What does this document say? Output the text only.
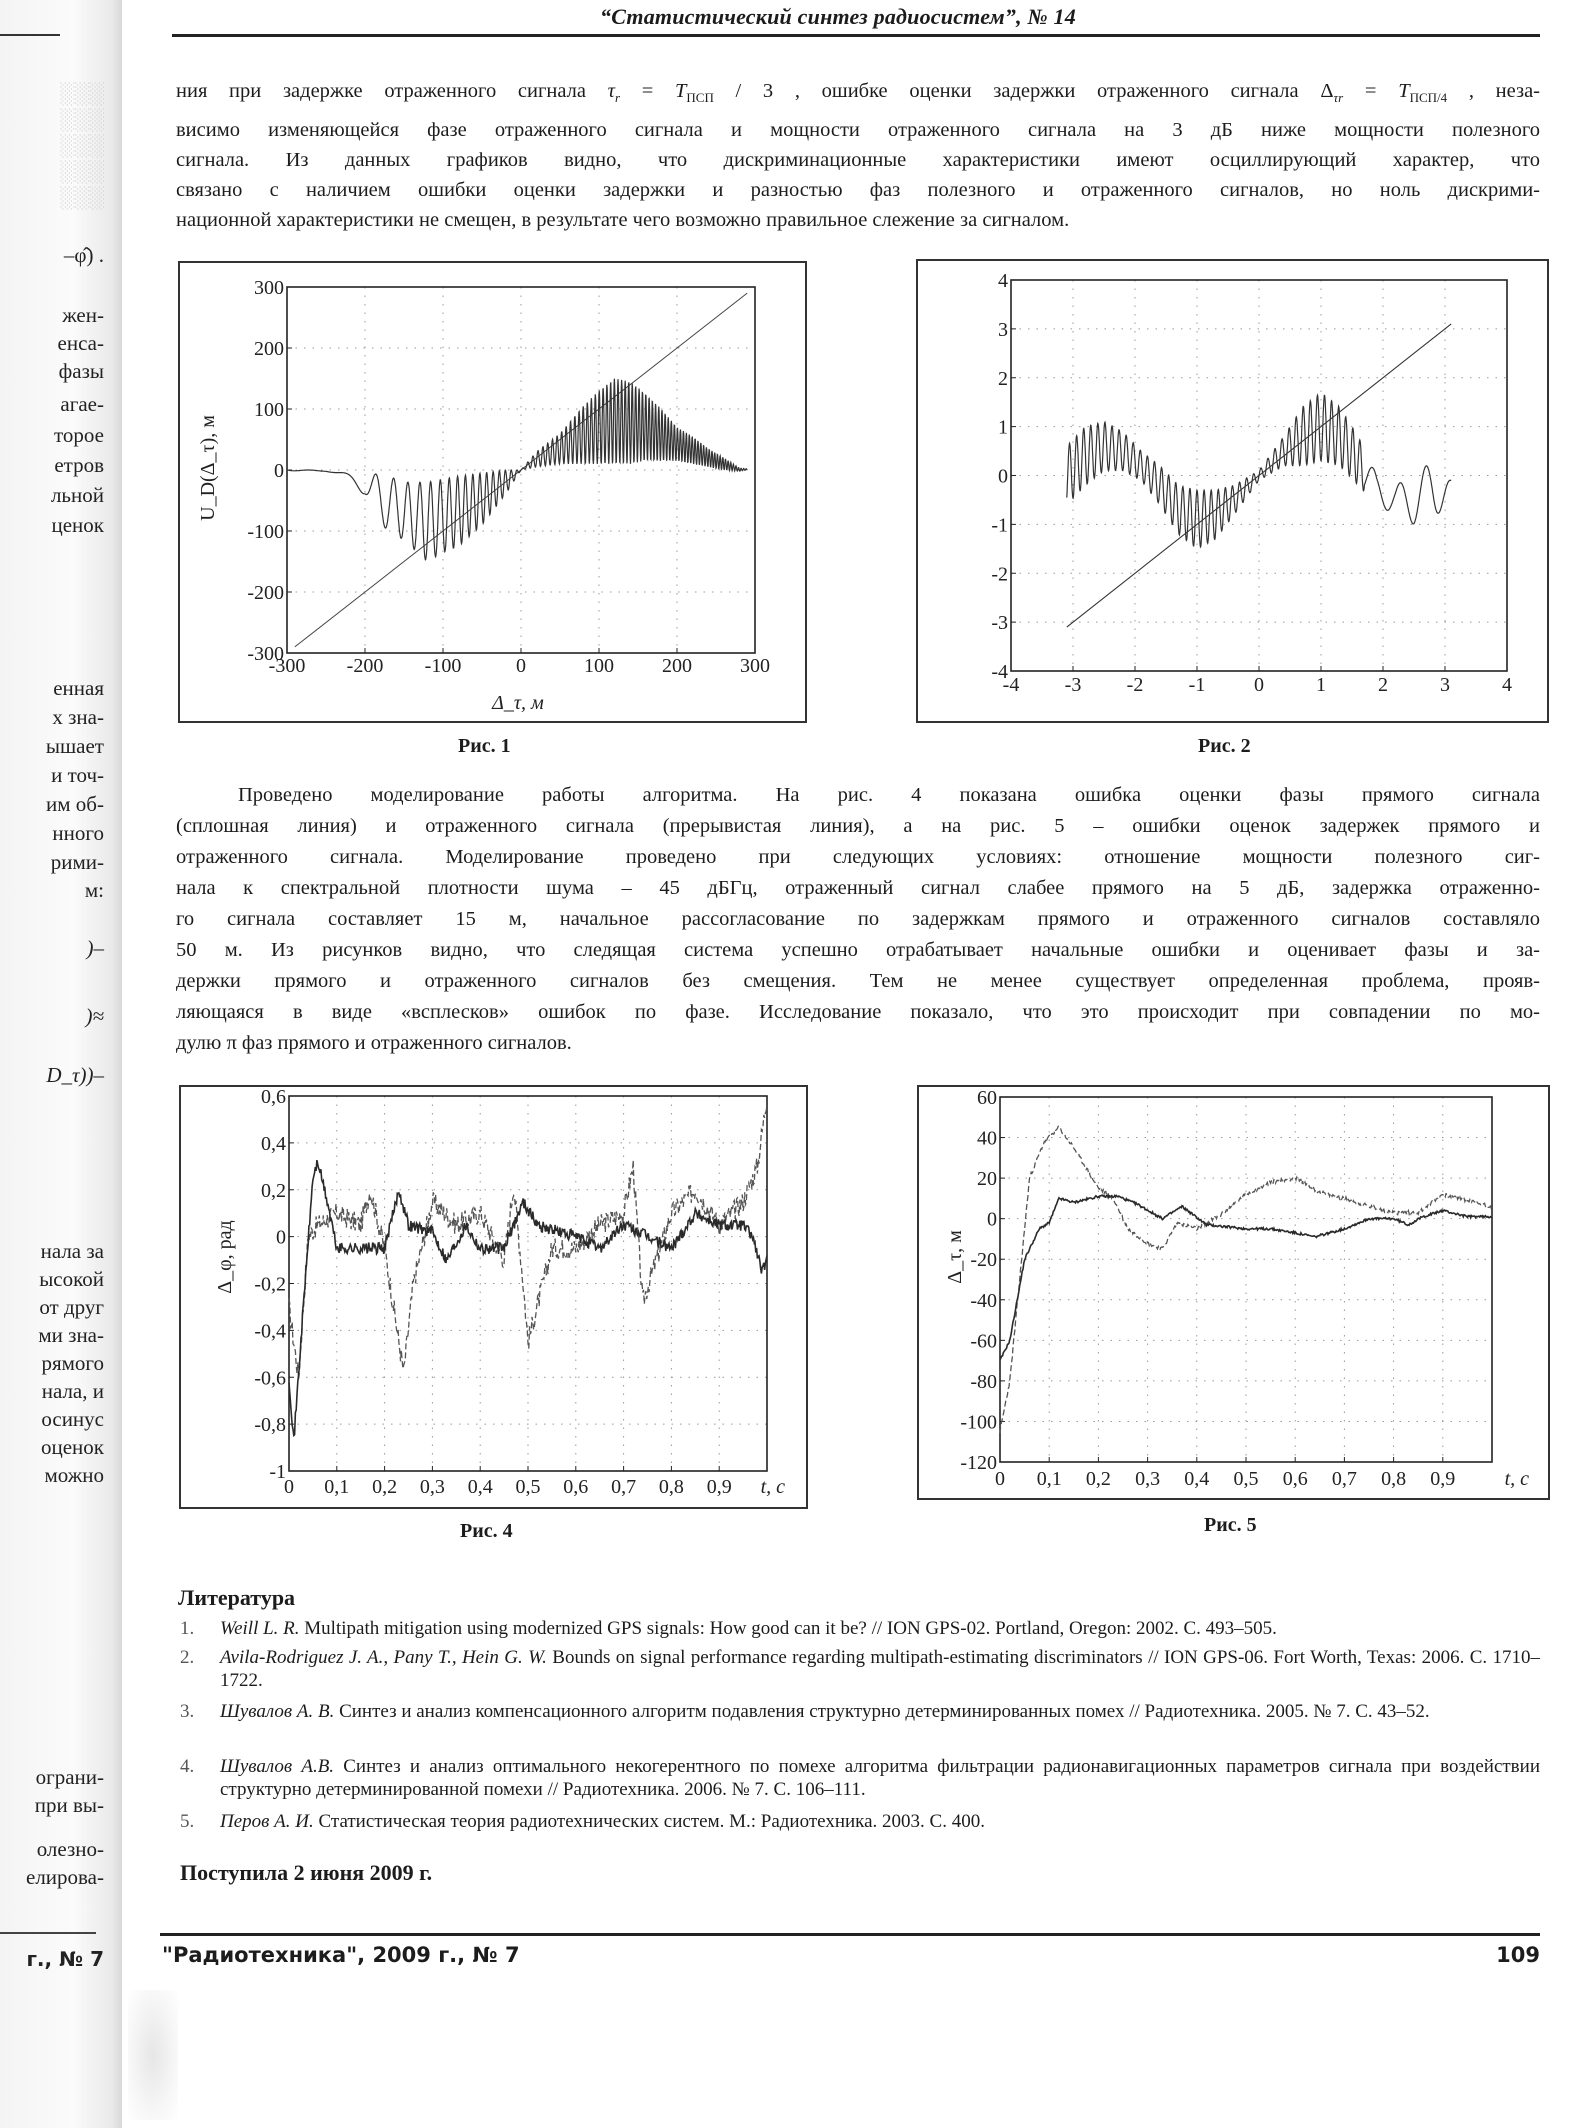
░░░
░░░
░░░
░░░
░░░
–φ̂) .
жен-
енса-
фазы
агае-
торое
етров
льной
ценок
енная
х зна-
ышает
и точ-
им об-
нного
рими-
м:
)–
)≈
D_τ))–
нала за
ысокой
от друг
ми зна-
рямого
нала, и
осинус
оценок
можно
ограни-
при вы-
олезно-
елирова-
г., № 7
“Статистический синтез радиосистем”, № 14
ния при задержке отраженного сигнала $\tau_r = T_{ПСП} / 3$ , ошибке оценки задержки отраженного сигнала $\Delta_{\tau r} = T_{ПСП/4}$ , неза-
висимо изменяющейся фазе отраженного сигнала и мощности отраженного сигнала на 3 дБ ниже мощности полезного
сигнала. Из данных графиков видно, что дискриминационные характеристики имеют осциллирующий характер, что
связано с наличием ошибки оценки задержки и разностью фаз полезного и отраженного сигналов, но ноль дискрими-
национной характеристики не смещен, в результате чего возможно правильное слежение за сигналом.
-300 -200 -100	0	100 200 300
-300
-200
-100
0
100
200
300
Δ_τ, м
U_D(Δ_τ), м
Рис. 1
-4 -3 -2 -1 0	1	2	3	4
-4
-3
-2
-1
0
1
2
3
4
Рис. 2
Проведено моделирование работы алгоритма. На рис. 4 показана ошибка оценки фазы прямого сигнала
(сплошная линия) и отраженного сигнала (прерывистая линия), а на рис. 5 – ошибки оценок задержек прямого и
отраженного сигнала. Моделирование проведено при следующих условиях: отношение мощности полезного сиг-
нала к спектральной плотности шума – 45 дБГц, отраженный сигнал слабее прямого на 5 дБ, задержка отраженно-
го сигнала составляет 15 м, начальное рассогласование по задержкам прямого и отраженного сигналов составляло
50 м. Из рисунков видно, что следящая система успешно отрабатывает начальные ошибки и оценивает фазы и за-
держки прямого и отраженного сигналов без смещения. Тем не менее существует определенная проблема, прояв-
ляющаяся в виде «всплесков» ошибок по фазе. Исследование показало, что это происходит при совпадении по мо-
дулю π фаз прямого и отраженного сигналов.
0 0,1 0,2 0,3 0,4 0,5 0,6 0,7 0,8 0,9
-1
-0,8
-0,6
-0,4
-0,2
0
0,2
0,4
0,6
t, с
Δ_φ, рад
Рис. 4
0 0,1 0,2 0,3 0,4 0,5 0,6 0,7 0,8 0,9
-120
-100
-80
-60
-40
-20
0
20
40
60
t, с
Δ_τ, м
Рис. 5
Литература
1. Weill L. R. Multipath mitigation using modernized GPS signals: How good can it be? // ION GPS-02. Portland, Oregon: 2002. С. 493–505.
2. Avila-Rodriguez J. A., Pany T., Hein G. W. Bounds on signal performance regarding multipath-estimating discriminators // ION GPS-06. Fort Worth, Texas: 2006. С. 1710–1722.
3. Шувалов А. В. Синтез и анализ компенсационного алгоритм подавления структурно детерминированных помех // Радиотехника. 2005. № 7. С. 43–52.
4. Шувалов А.В. Синтез и анализ оптимального некогерентного по помехе алгоритма фильтрации радионавигационных параметров сигнала при воздействии структурно детерминированной помехи // Радиотехника. 2006. № 7. С. 106–111.
5. Перов А. И. Статистическая теория радиотехнических систем. М.: Радиотехника. 2003. С. 400.
Поступила 2 июня 2009 г.
"Радиотехника", 2009 г., № 7	109
